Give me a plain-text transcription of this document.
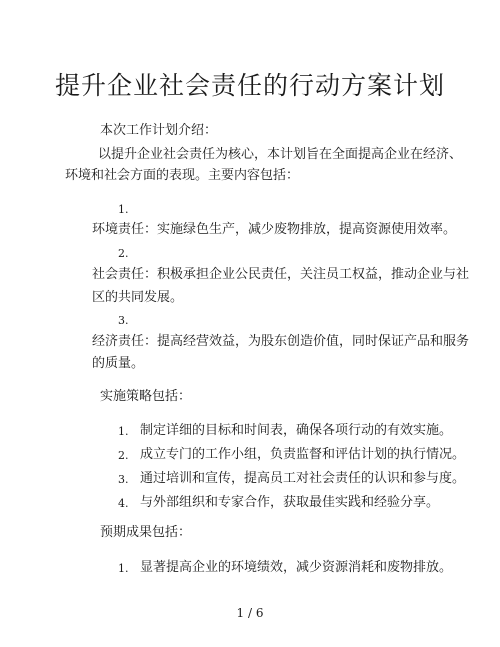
提升企业社会责任的行动方案计划
本次工作计划介绍：
以提升企业社会责任为核心，本计划旨在全面提高企业在经济、
环境和社会方面的表现。主要内容包括：
1.
环境责任：实施绿色生产，减少废物排放，提高资源使用效率。
2.
社会责任：积极承担企业公民责任，关注员工权益，推动企业与社
区的共同发展。
3.
经济责任：提高经营效益，为股东创造价值，同时保证产品和服务
的质量。
实施策略包括：
1. 制定详细的目标和时间表，确保各项行动的有效实施。
2. 成立专门的工作小组，负责监督和评估计划的执行情况。
3. 通过培训和宣传，提高员工对社会责任的认识和参与度。
4. 与外部组织和专家合作，获取最佳实践和经验分享。
预期成果包括：
1. 显著提高企业的环境绩效，减少资源消耗和废物排放。
1 / 6
